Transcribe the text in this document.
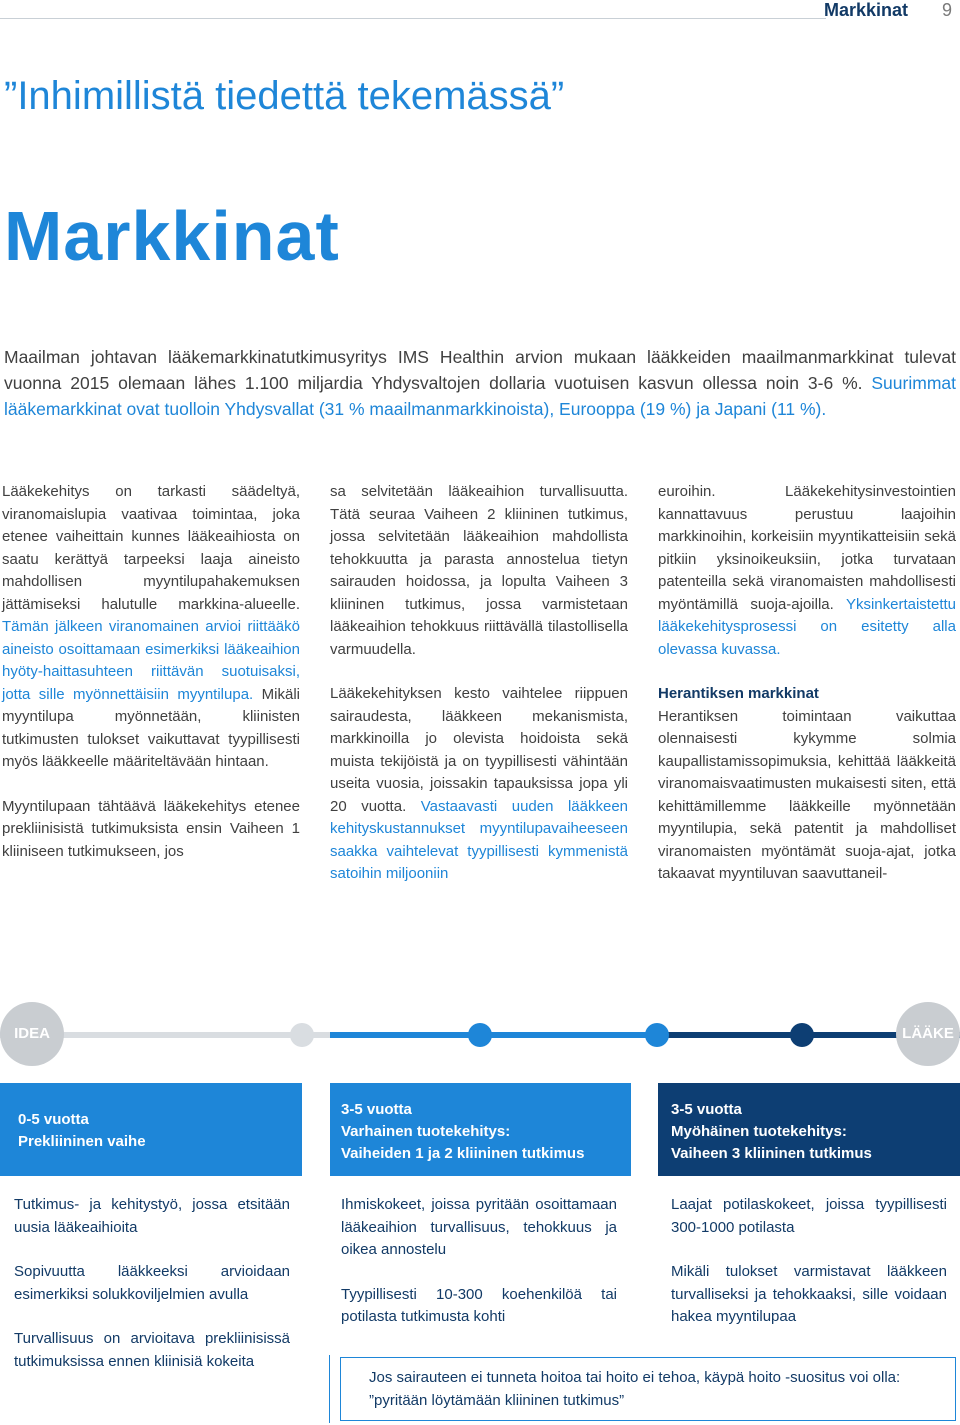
Markkinat 9
”Inhimillistä tiedettä tekemässä”
Markkinat
Maailman johtavan lääkemarkkinatutkimusyritys IMS Healthin arvion mukaan lääkkeiden maailmanmarkkinat tulevat vuonna 2015 olemaan lähes 1.100 miljardia Yhdysvaltojen dollaria vuotuisen kasvun ollessa noin 3-6 %. Suurimmat lääkemarkkinat ovat tuolloin Yhdysvallat (31 % maailmanmarkkinoista), Eurooppa (19 %) ja Japani (11 %).

Lääkekehitys on tarkasti säädeltyä, viranomaislupia vaativaa toimintaa, joka etenee vaiheittain kunnes lääkeaihiosta on saatu kerättyä tarpeeksi laaja aineisto mahdollisen myyntilupahakemuksen jättämiseksi halutulle markkina-alueelle. Tämän jälkeen viranomainen arvioi riittääkö aineisto osoittamaan esimerkiksi lääkeaihion hyöty-haittasuhteen riittävän suotuisaksi, jotta sille myönnettäisiin myyntilupa. Mikäli myyntilupa myönnetään, kliinisten tutkimusten tulokset vaikuttavat tyypillisesti myös lääkkeelle määriteltävään hintaan.

Myyntilupaan tähtäävä lääkekehitys etenee prekliinisistä tutkimuksista ensin Vaiheen 1 kliiniseen tutkimukseen, jos

sa selvitetään lääkeaihion turvallisuutta. Tätä seuraa Vaiheen 2 kliininen tutkimus, jossa selvitetään lääkeaihion mahdollista tehokkuutta ja parasta annostelua tietyn sairauden hoidossa, ja lopulta Vaiheen 3 kliininen tutkimus, jossa varmistetaan lääkeaihion tehokkuus riittävällä tilastollisella varmuudella.

Lääkekehityksen kesto vaihtelee riippuen sairaudesta, lääkkeen mekanismista, markkinoilla jo olevista hoidoista sekä muista tekijöistä ja on tyypillisesti vähintään useita vuosia, joissakin tapauksissa jopa yli 20 vuotta. Vastaavasti uuden lääkkeen kehityskustannukset myyntilupavaiheeseen saakka vaihtelevat tyypillisesti kymmenistä satoihin miljooniin

euroihin. Lääkekehitysinvestointien kannattavuus perustuu laajoihin markkinoihin, korkeisiin myyntikatteisiin sekä pitkiin yksinoikeuksiin, jotka turvataan patenteilla sekä viranomaisten mahdollisesti myöntämillä suoja-ajoilla. Yksinkertaistettu lääkekehitysprosessi on esitetty alla olevassa kuvassa.

Herantiksen markkinat

Herantiksen toimintaan vaikuttaa olennaisesti kykymme solmia kaupallistamissopimuksia, kehittää lääkkeitä viranomaisvaatimusten mukaisesti siten, että kehittämillemme lääkkeille myönnetään myyntilupia, sekä patentit ja mahdolliset viranomaisten myöntämät suoja-ajat, jotka takaavat myyntiluvan saavuttaneil-

IDEA	LÄÄKE
0-5 vuotta
Prekliininen vaihe
3-5 vuotta
Varhainen tuotekehitys:
Vaiheiden 1 ja 2 kliininen tutkimus
3-5 vuotta
Myöhäinen tuotekehitys:
Vaiheen 3 kliininen tutkimus

Tutkimus- ja kehitystyö, jossa etsitään uusia lääkeaihioita

Sopivuutta lääkkeeksi arvioidaan esimerkiksi solukkoviljelmien avulla

Turvallisuus on arvioitava prekliinisissä tutkimuksissa ennen kliinisiä kokeita

Ihmiskokeet, joissa pyritään osoittamaan lääkeaihion turvallisuus, tehokkuus ja oikea annostelu

Tyypillisesti 10-300 koehenkilöä tai potilasta tutkimusta kohti

Laajat potilaskokeet, joissa tyypillisesti 300-1000 potilasta

Mikäli tulokset varmistavat lääkkeen turvalliseksi ja tehokkaaksi, sille voidaan hakea myyntilupaa

Jos sairauteen ei tunneta hoitoa tai hoito ei tehoa, käypä hoito -suositus voi olla: ”pyritään löytämään kliininen tutkimus”
